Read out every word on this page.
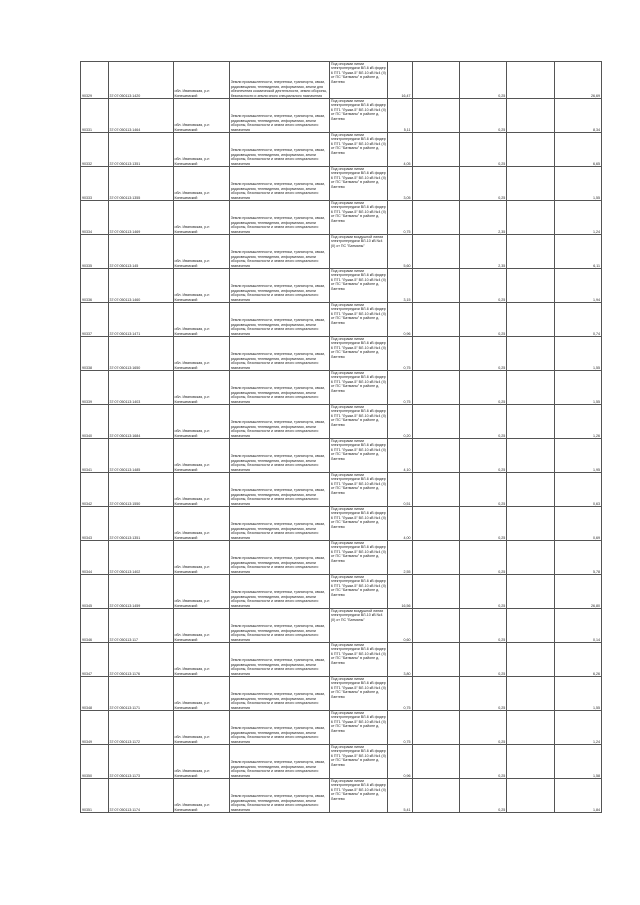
90329	37:07:050113:1420	обл. Ивановская, р-н Кинешемский	Земли промышленности, энергетики, транспорта, связи, радиовещания, телевидения, информатики, земли для обеспечения космической деятельности, земли обороны, безопасности и земли иного специального назначения	Под опорами линии электропередачи ВЛ-6 кВ фидер 6 ПТ1 "Лужки-5" ВЛ-10 кВ №4 (II) от ПС "Батманы" в районе д. Лаптево	16,47		0,25		26,69

90331	37:07:050113:1464	обл. Ивановская, р-н Кинешемский	Земли промышленности, энергетики, транспорта, связи, радиовещания, телевидения, информатики, земли обороны, безопасности и земли иного специального назначения	Под опорами линии электропередачи ВЛ-6 кВ фидер 6 ПТ1 "Лужки-5" ВЛ-10 кВ №4 (II) от ПС "Батманы" в районе д. Лаптево	5,11		0,25		8,34

90332	37:07:050113:1351	обл. Ивановская, р-н Кинешемский	Земли промышленности, энергетики, транспорта, связи, радиовещания, телевидения, информатики, земли обороны, безопасности и земли иного специального назначения	Под опорами линии электропередачи ВЛ-6 кВ фидер 6 ПТ1 "Лужки-5" ВЛ-10 кВ №4 (II) от ПС "Батманы" в районе д. Лаптево	4,05		0,25		6,65

90333	37:07:050113:1355	обл. Ивановская, р-н Кинешемский	Земли промышленности, энергетики, транспорта, связи, радиовещания, телевидения, информатики, земли обороны, безопасности и земли иного специального назначения	Под опорами линии электропередачи ВЛ-6 кВ фидер 6 ПТ1 "Лужки-5" ВЛ-10 кВ №4 (II) от ПС "Батманы" в районе д. Лаптево	3,05		0,25		1,55

90334	37:07:050113:1469	обл. Ивановская, р-н Кинешемский	Земли промышленности, энергетики, транспорта, связи, радиовещания, телевидения, информатики, земли обороны, безопасности и земли иного специального назначения	Под опорами линии электропередачи ВЛ-6 кВ фидер 6 ПТ1 "Лужки-5" ВЛ-10 кВ №4 (II) от ПС "Батманы" в районе д. Лаптево	0,75		2,35		1,24

90335	37:07:050113:145	обл. Ивановская, р-н Кинешемский	Земли промышленности, энергетики, транспорта, связи, радиовещания, телевидения, информатики, земли обороны, безопасности и земли иного специального назначения	Под опорами воздушной линии электропередачи ВЛ-10 кВ №4 (II) от ПС "Батманы"	5,60		2,35		6,11

90336	37:07:050113:1460	обл. Ивановская, р-н Кинешемский	Земли промышленности, энергетики, транспорта, связи, радиовещания, телевидения, информатики, земли обороны, безопасности и земли иного специального назначения	Под опорами линии электропередачи ВЛ-6 кВ фидер 6 ПТ1 "Лужки-5" ВЛ-10 кВ №4 (II) от ПС "Батманы" в районе д. Лаптево	3,15		0,25		1,94

90337	37:07:050113:1471	обл. Ивановская, р-н Кинешемский	Земли промышленности, энергетики, транспорта, связи, радиовещания, телевидения, информатики, земли обороны, безопасности и земли иного специального назначения	Под опорами линии электропередачи ВЛ-6 кВ фидер 6 ПТ1 "Лужки-5" ВЛ-10 кВ №4 (II) от ПС "Батманы" в районе д. Лаптево	0,96		0,25		0,74

90338	37:07:050113:1650	обл. Ивановская, р-н Кинешемский	Земли промышленности, энергетики, транспорта, связи, радиовещания, телевидения, информатики, земли обороны, безопасности и земли иного специального назначения	Под опорами линии электропередачи ВЛ-6 кВ фидер 6 ПТ1 "Лужки-5" ВЛ-10 кВ №4 (II) от ПС "Батманы" в районе д. Лаптево	0,75		0,25		1,55

90339	37:07:050113:1403	обл. Ивановская, р-н Кинешемский	Земли промышленности, энергетики, транспорта, связи, радиовещания, телевидения, информатики, земли обороны, безопасности и земли иного специального назначения	Под опорами линии электропередачи ВЛ-6 кВ фидер 6 ПТ1 "Лужки-5" ВЛ-10 кВ №4 (II) от ПС "Батманы" в районе д. Лаптево	0,75		0,25		1,55

90340	37:07:050113:1684	обл. Ивановская, р-н Кинешемский	Земли промышленности, энергетики, транспорта, связи, радиовещания, телевидения, информатики, земли обороны, безопасности и земли иного специального назначения	Под опорами линии электропередачи ВЛ-6 кВ фидер 6 ПТ1 "Лужки-5" ВЛ-10 кВ №4 (II) от ПС "Батманы" в районе д. Лаптево	0,20		0,25		1,26

90341	37:07:050113:1485	обл. Ивановская, р-н Кинешемский	Земли промышленности, энергетики, транспорта, связи, радиовещания, телевидения, информатики, земли обороны, безопасности и земли иного специального назначения	Под опорами линии электропередачи ВЛ-6 кВ фидер 6 ПТ1 "Лужки-5" ВЛ-10 кВ №4 (II) от ПС "Батманы" в районе д. Лаптево	4,10		0,25		1,95

90342	37:07:050113:1550	обл. Ивановская, р-н Кинешемский	Земли промышленности, энергетики, транспорта, связи, радиовещания, телевидения, информатики, земли обороны, безопасности и земли иного специального назначения	Под опорами линии электропередачи ВЛ-6 кВ фидер 6 ПТ1 "Лужки-5" ВЛ-10 кВ №4 (II) от ПС "Батманы" в районе д. Лаптево	0,51		0,25		0,63

90343	37:07:050113:1351	обл. Ивановская, р-н Кинешемский	Земли промышленности, энергетики, транспорта, связи, радиовещания, телевидения, информатики, земли обороны, безопасности и земли иного специального назначения	Под опорами линии электропередачи ВЛ-6 кВ фидер 6 ПТ1 "Лужки-5" ВЛ-10 кВ №4 (II) от ПС "Батманы" в районе д. Лаптево	4,00		0,25		0,69

90344	37:07:050113:1402	обл. Ивановская, р-н Кинешемский	Земли промышленности, энергетики, транспорта, связи, радиовещания, телевидения, информатики, земли обороны, безопасности и земли иного специального назначения	Под опорами линии электропередачи ВЛ-6 кВ фидер 6 ПТ1 "Лужки-5" ВЛ-10 кВ №4 (II) от ПС "Батманы" в районе д. Лаптево	2,55		0,25		5,78

90345	37:07:050113:1459	обл. Ивановская, р-н Кинешемский	Земли промышленности, энергетики, транспорта, связи, радиовещания, телевидения, информатики, земли обороны, безопасности и земли иного специального назначения	Под опорами линии электропередачи ВЛ-6 кВ фидер 6 ПТ1 "Лужки-5" ВЛ-10 кВ №4 (II) от ПС "Батманы" в районе д. Лаптево	16,56		0,25		26,80

90346	37:07:050113:117	обл. Ивановская, р-н Кинешемский	Земли промышленности, энергетики, транспорта, связи, радиовещания, телевидения, информатики, земли обороны, безопасности и земли иного специального назначения	Под опорами воздушной линии электропередачи ВЛ-10 кВ №4 (II) от ПС "Батманы"	0,60		0,25		0,14

90347	37:07:050113:1176	обл. Ивановская, р-н Кинешемский	Земли промышленности, энергетики, транспорта, связи, радиовещания, телевидения, информатики, земли обороны, безопасности и земли иного специального назначения	Под опорами линии электропередачи ВЛ-6 кВ фидер 6 ПТ1 "Лужки-5" ВЛ-10 кВ №4 (II) от ПС "Батманы" в районе д. Лаптево	3,80		0,25		6,26

90348	37:07:050113:1171	обл. Ивановская, р-н Кинешемский	Земли промышленности, энергетики, транспорта, связи, радиовещания, телевидения, информатики, земли обороны, безопасности и земли иного специального назначения	Под опорами линии электропередачи ВЛ-6 кВ фидер 6 ПТ1 "Лужки-5" ВЛ-10 кВ №4 (II) от ПС "Батманы" в районе д. Лаптево	0,75		0,25		1,55

90349	37:07:050113:1172	обл. Ивановская, р-н Кинешемский	Земли промышленности, энергетики, транспорта, связи, радиовещания, телевидения, информатики, земли обороны, безопасности и земли иного специального назначения	Под опорами линии электропередачи ВЛ-6 кВ фидер 6 ПТ1 "Лужки-5" ВЛ-10 кВ №4 (II) от ПС "Батманы" в районе д. Лаптево	0,75		0,25		1,24

90350	37:07:050113:1173	обл. Ивановская, р-н Кинешемский	Земли промышленности, энергетики, транспорта, связи, радиовещания, телевидения, информатики, земли обороны, безопасности и земли иного специального назначения	Под опорами линии электропередачи ВЛ-6 кВ фидер 6 ПТ1 "Лужки-5" ВЛ-10 кВ №4 (II) от ПС "Батманы" в районе д. Лаптево	0,96		0,25		1,58

90351	37:07:050113:1174	обл. Ивановская, р-н Кинешемский	Земли промышленности, энергетики, транспорта, связи, радиовещания, телевидения, информатики, земли обороны, безопасности и земли иного специального назначения	Под опорами линии электропередачи ВЛ-6 кВ фидер 6 ПТ1 "Лужки-5" ВЛ-10 кВ №4 (II) от ПС "Батманы" в районе д. Лаптево	5,41		0,25		1,84
